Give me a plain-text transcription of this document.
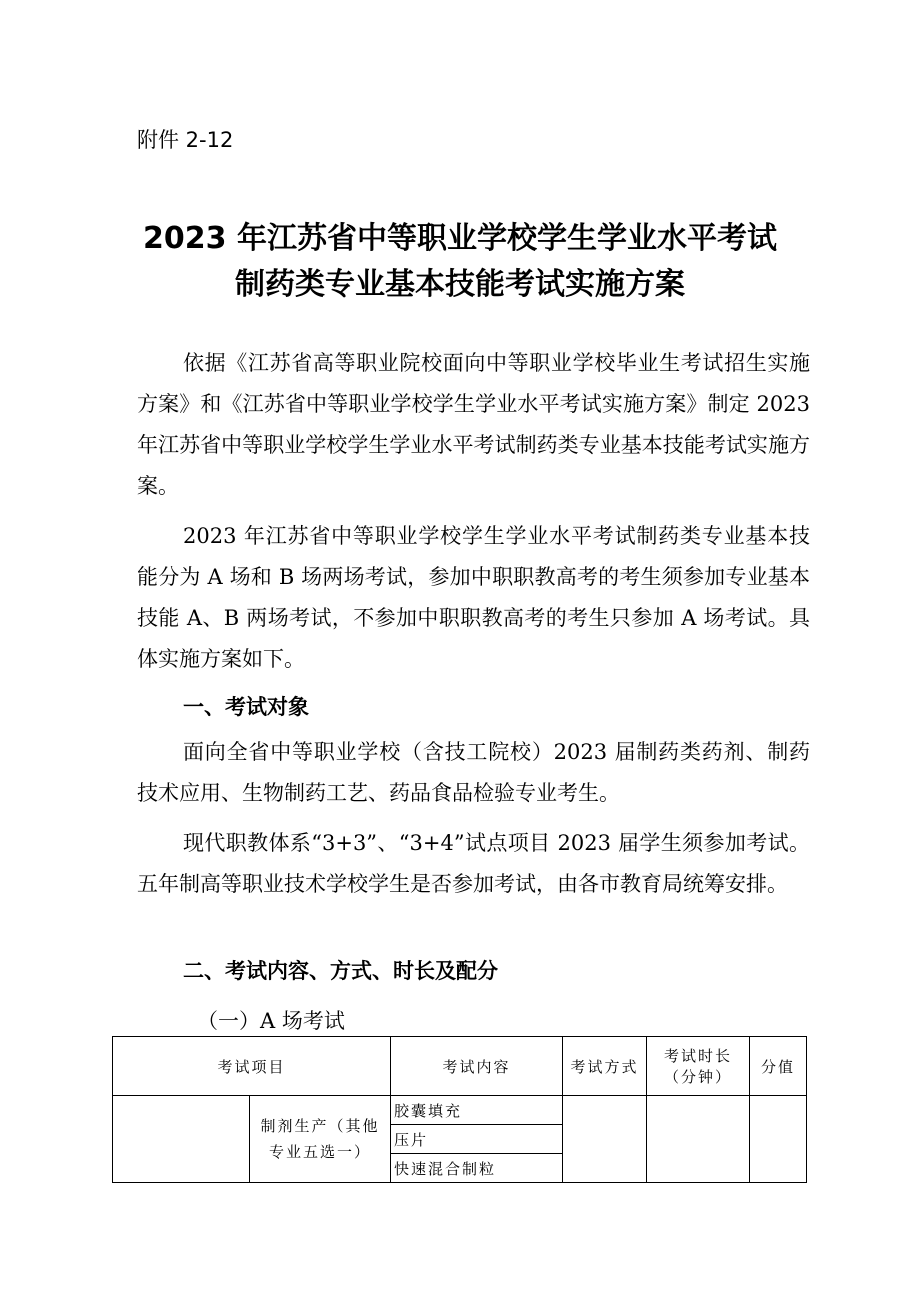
附件 2-12
2023 年江苏省中等职业学校学生学业水平考试
制药类专业基本技能考试实施方案
依据《江苏省高等职业院校面向中等职业学校毕业生考试招生实施方案》和《江苏省中等职业学校学生学业水平考试实施方案》制定 2023 年江苏省中等职业学校学生学业水平考试制药类专业基本技能考试实施方案。
2023 年江苏省中等职业学校学生学业水平考试制药类专业基本技能分为 A 场和 B 场两场考试，参加中职职教高考的考生须参加专业基本技能 A、B 两场考试，不参加中职职教高考的考生只参加 A 场考试。具体实施方案如下。
一、考试对象
面向全省中等职业学校（含技工院校）2023 届制药类药剂、制药技术应用、生物制药工艺、药品食品检验专业考生。
现代职教体系“3+3”、“3+4”试点项目 2023 届学生须参加考试。五年制高等职业技术学校学生是否参加考试，由各市教育局统筹安排。
二、考试内容、方式、时长及配分
（一）A 场考试
考试项目		考试内容	考试方式	考试时长（分钟）	分值
	制剂生产（其他专业五选一）	胶囊填充			
		压片			
		快速混合制粒			
